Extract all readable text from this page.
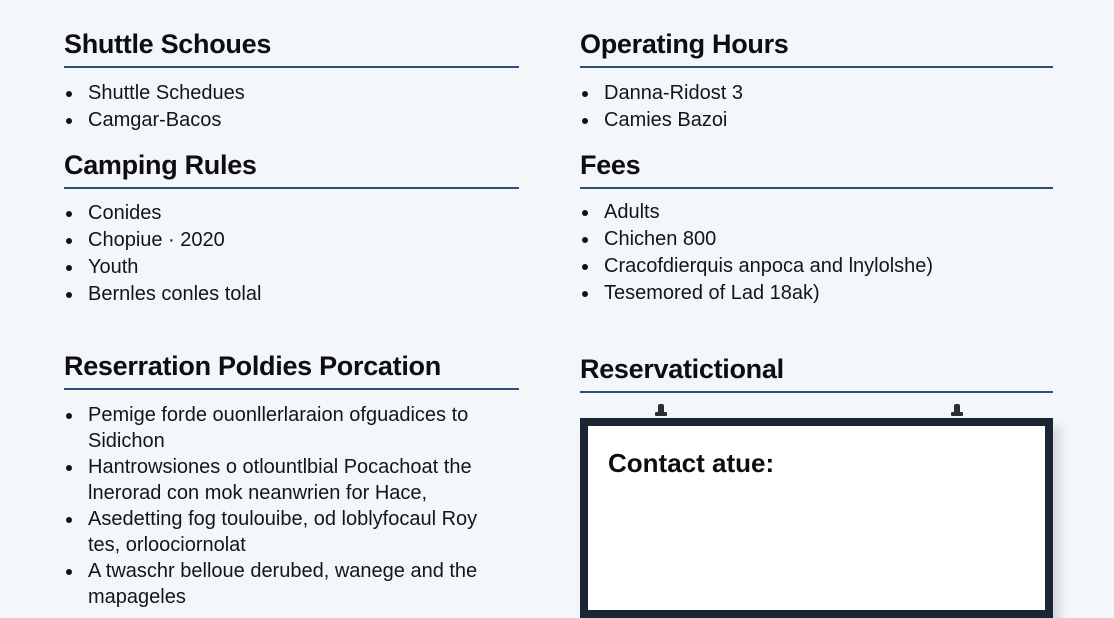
Shuttle Schoues
Shuttle Schedues
Camgar-Bacos
Camping Rules
Conides
Chopiue · 2020
Youth
Bernles conles tolal
Reserration Poldies Porcation
Pemige forde ouonllerlaraion ofguadices to Sidichon
Hantrowsiones o otlountlbial Pocachoat the lnerorad con mok neanwrien for Hace,
Asedetting fog toulouibe, od loblyfocaul Roy tes, orloociornolat
A twaschr belloue derubed, wanege and the mapageles
Operating Hours
Danna-Ridost 3
Camies Bazoi
Fees
Adults
Chichen 800
Cracofdierquis anpoca and lnylolshe)
Tesemored of Lad 18ak)
Reservatictional
Contact atue:
